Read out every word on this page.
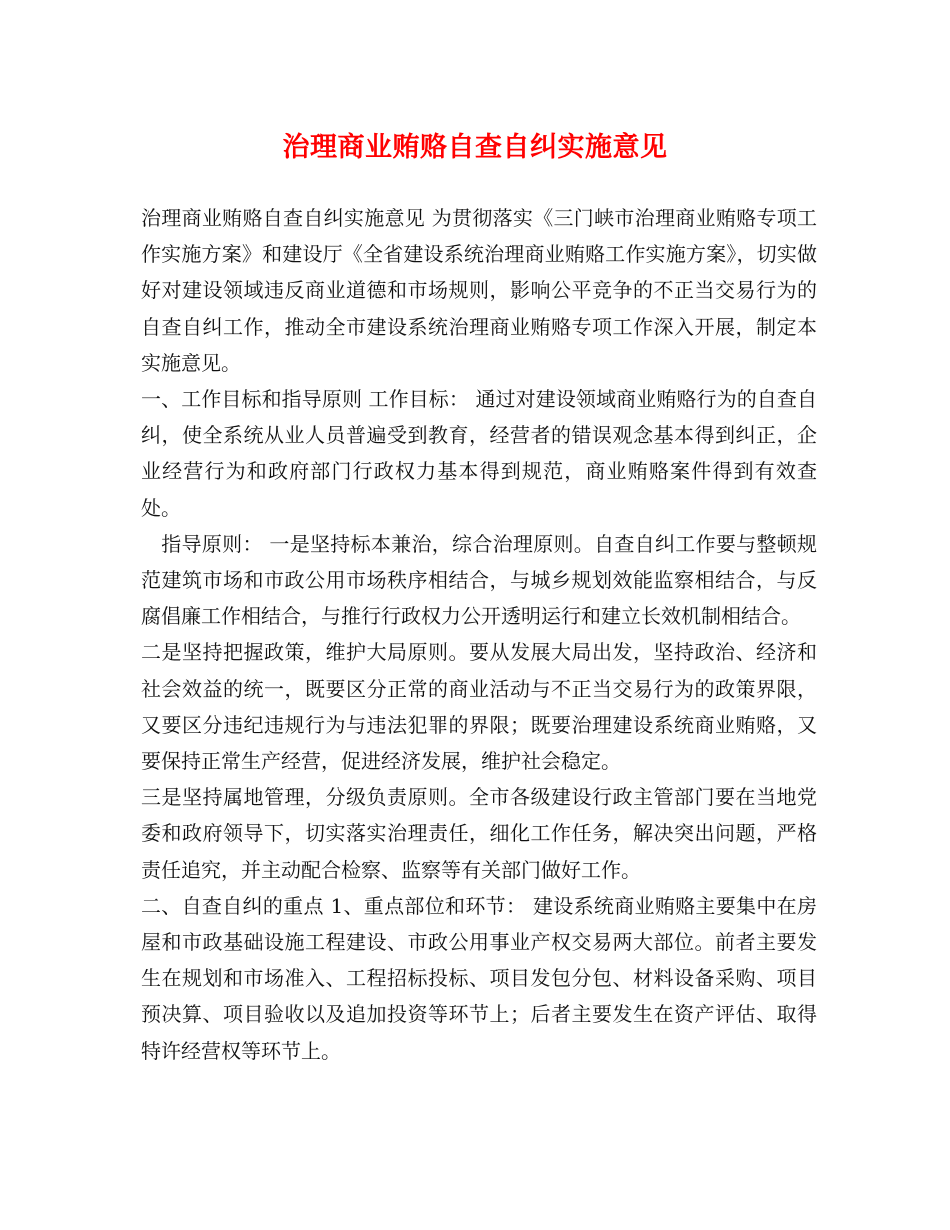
治理商业贿赂自查自纠实施意见

治理商业贿赂自查自纠实施意见 为贯彻落实《三门峡市治理商业贿赂专项工作实施方案》和建设厅《全省建设系统治理商业贿赂工作实施方案》，切实做好对建设领域违反商业道德和市场规则，影响公平竞争的不正当交易行为的自查自纠工作，推动全市建设系统治理商业贿赂专项工作深入开展，制定本实施意见。

一、工作目标和指导原则 工作目标： 通过对建设领域商业贿赂行为的自查自纠，使全系统从业人员普遍受到教育，经营者的错误观念基本得到纠正，企业经营行为和政府部门行政权力基本得到规范，商业贿赂案件得到有效查处。

　指导原则： 一是坚持标本兼治，综合治理原则。自查自纠工作要与整顿规范建筑市场和市政公用市场秩序相结合，与城乡规划效能监察相结合，与反腐倡廉工作相结合，与推行行政权力公开透明运行和建立长效机制相结合。

二是坚持把握政策，维护大局原则。要从发展大局出发，坚持政治、经济和社会效益的统一，既要区分正常的商业活动与不正当交易行为的政策界限，又要区分违纪违规行为与违法犯罪的界限；既要治理建设系统商业贿赂，又要保持正常生产经营，促进经济发展，维护社会稳定。

三是坚持属地管理，分级负责原则。全市各级建设行政主管部门要在当地党委和政府领导下，切实落实治理责任，细化工作任务，解决突出问题，严格责任追究，并主动配合检察、监察等有关部门做好工作。

二、自查自纠的重点 1、重点部位和环节： 建设系统商业贿赂主要集中在房屋和市政基础设施工程建设、市政公用事业产权交易两大部位。前者主要发生在规划和市场准入、工程招标投标、项目发包分包、材料设备采购、项目预决算、项目验收以及追加投资等环节上；后者主要发生在资产评估、取得特许经营权等环节上。
